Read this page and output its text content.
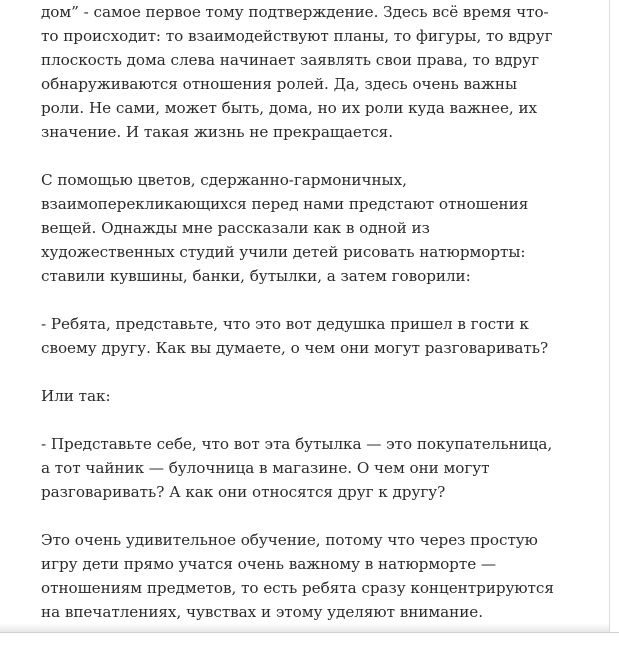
дом” - самое первое тому подтверждение. Здесь всё время что-то происходит: то взаимодействуют планы, то фигуры, то вдруг плоскость дома слева начинает заявлять свои права, то вдруг обнаруживаются отношения ролей. Да, здесь очень важны роли. Не сами, может быть, дома, но их роли куда важнее, их значение. И такая жизнь не прекращается.

С помощью цветов, сдержанно-гармоничных, взаимоперекликающихся перед нами предстают отношения вещей. Однажды мне рассказали как в одной из художественных студий учили детей рисовать натюрморты: ставили кувшины, банки, бутылки, а затем говорили:

- Ребята, представьте, что это вот дедушка пришел в гости к своему другу. Как вы думаете, о чем они могут разговаривать?

Или так:

- Представьте себе, что вот эта бутылка — это покупательница, а тот чайник — булочница в магазине. О чем они могут разговаривать? А как они относятся друг к другу?

Это очень удивительное обучение, потому что через простую игру дети прямо учатся очень важному в натюрморте — отношениям предметов, то есть ребята сразу концентрируются на впечатлениях, чувствах и этому уделяют внимание.
